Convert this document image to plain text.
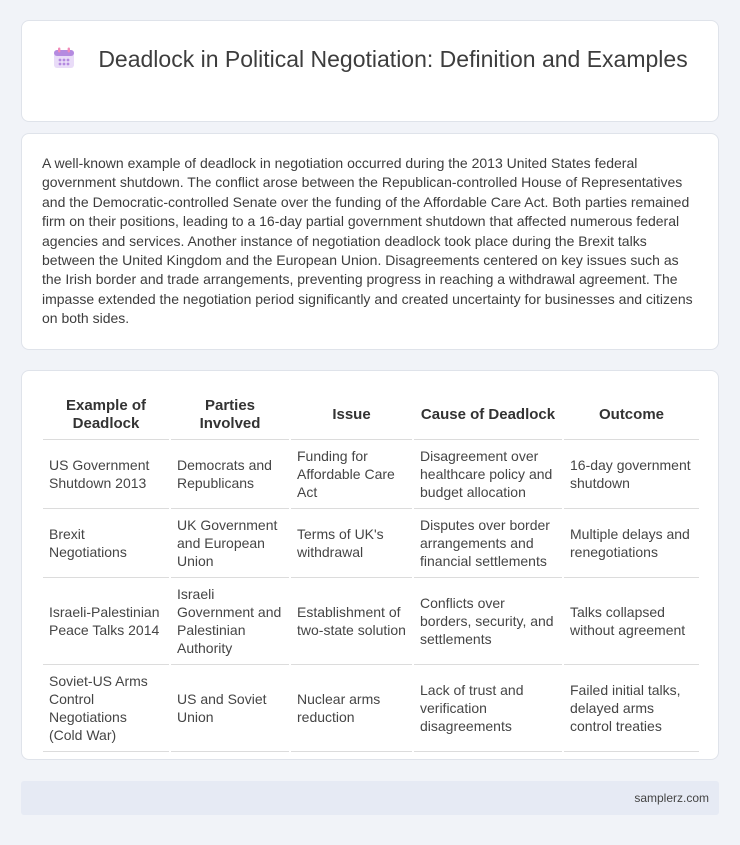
Deadlock in Political Negotiation: Definition and Examples

A well-known example of deadlock in negotiation occurred during the 2013 United States federal government shutdown. The conflict arose between the Republican-controlled House of Representatives and the Democratic-controlled Senate over the funding of the Affordable Care Act. Both parties remained firm on their positions, leading to a 16-day partial government shutdown that affected numerous federal agencies and services. Another instance of negotiation deadlock took place during the Brexit talks between the United Kingdom and the European Union. Disagreements centered on key issues such as the Irish border and trade arrangements, preventing progress in reaching a withdrawal agreement. The impasse extended the negotiation period significantly and created uncertainty for businesses and citizens on both sides.

Example of Deadlock	Parties Involved	Issue	Cause of Deadlock	Outcome
US Government Shutdown 2013	Democrats and Republicans	Funding for Affordable Care Act	Disagreement over healthcare policy and budget allocation	16-day government shutdown
Brexit Negotiations	UK Government and European Union	Terms of UK's withdrawal	Disputes over border arrangements and financial settlements	Multiple delays and renegotiations
Israeli-Palestinian Peace Talks 2014	Israeli Government and Palestinian Authority	Establishment of two-state solution	Conflicts over borders, security, and settlements	Talks collapsed without agreement
Soviet-US Arms Control Negotiations (Cold War)	US and Soviet Union	Nuclear arms reduction	Lack of trust and verification disagreements	Failed initial talks, delayed arms control treaties
samplerz.com
